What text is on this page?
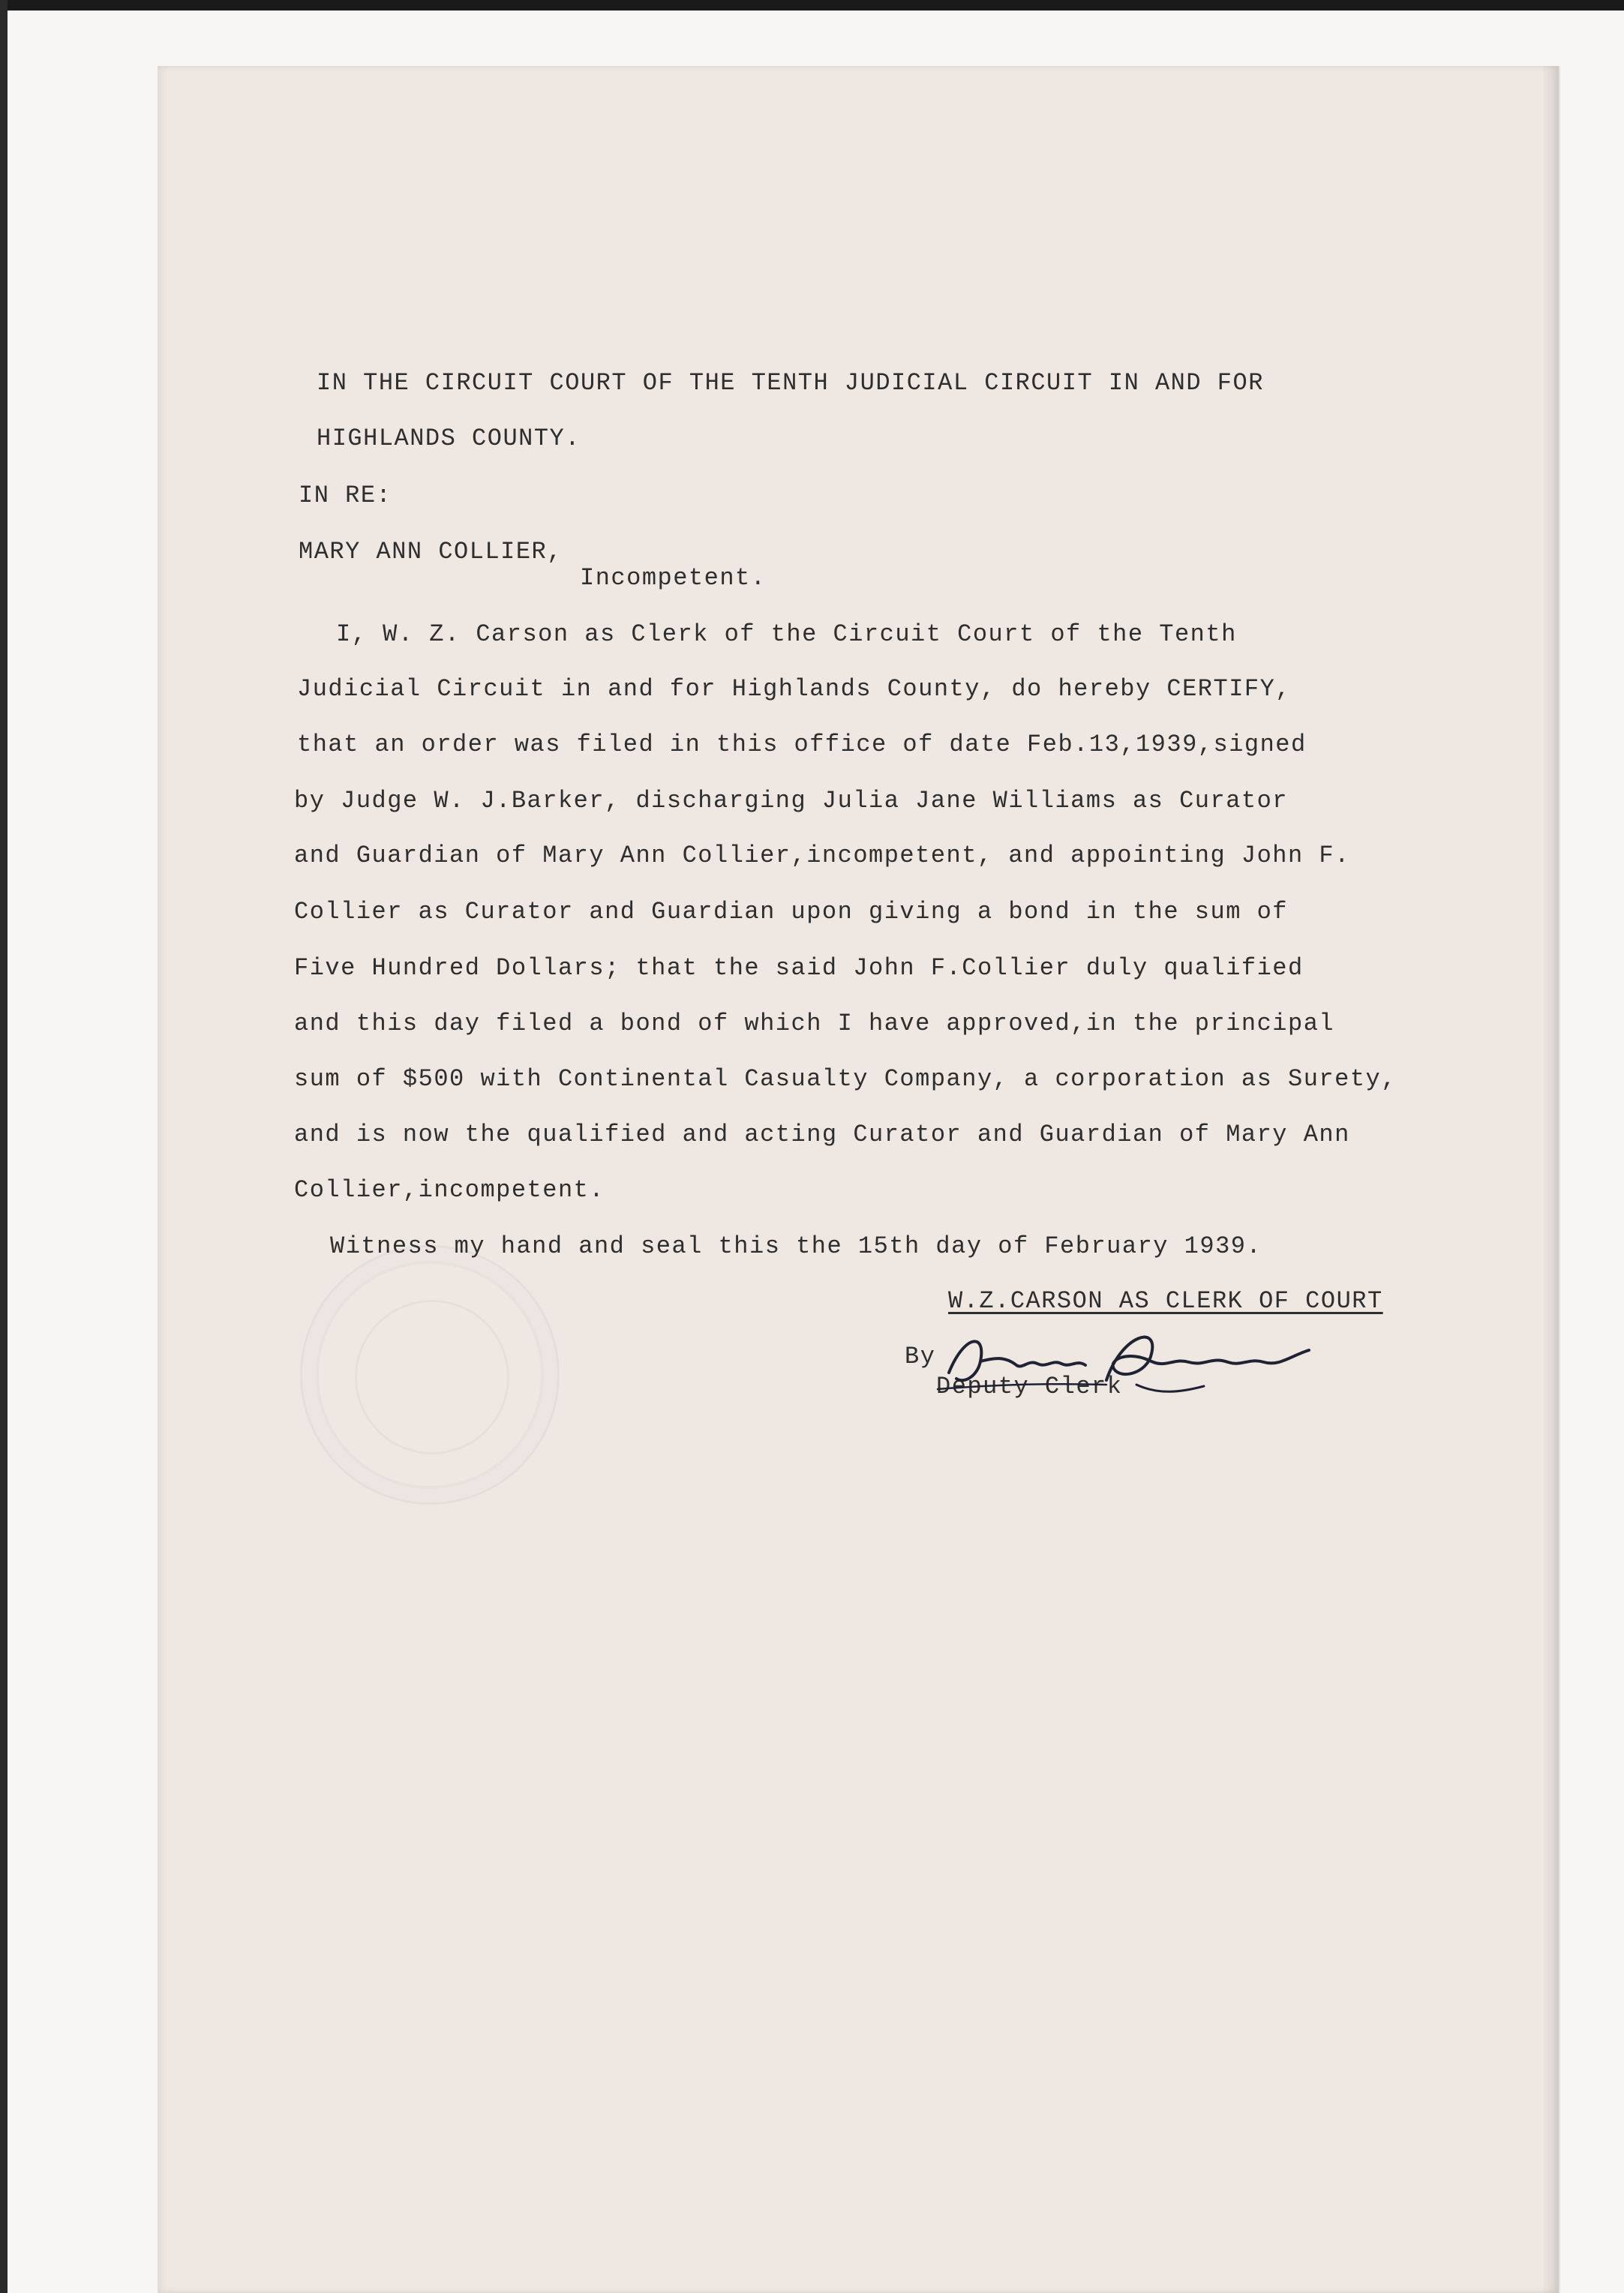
IN THE CIRCUIT COURT OF THE TENTH JUDICIAL CIRCUIT IN AND FOR
HIGHLANDS COUNTY.
IN RE:
MARY ANN COLLIER,
Incompetent.
I, W. Z. Carson as Clerk of the Circuit Court of the Tenth
Judicial Circuit in and for Highlands County, do hereby CERTIFY,
that an order was filed in this office of date Feb.13,1939,signed
by Judge W. J.Barker, discharging Julia Jane Williams as Curator
and Guardian of Mary Ann Collier,incompetent, and appointing John F.
Collier as Curator and Guardian upon giving a bond in the sum of
Five Hundred Dollars; that the said John F.Collier duly qualified
and this day filed a bond of which I have approved,in the principal
sum of $500 with Continental Casualty Company, a corporation as Surety,
and is now the qualified and acting Curator and Guardian of Mary Ann
Collier,incompetent.
Witness my hand and seal this the 15th day of February 1939.
W.Z.CARSON AS CLERK OF COURT
By
Deputy Clerk
